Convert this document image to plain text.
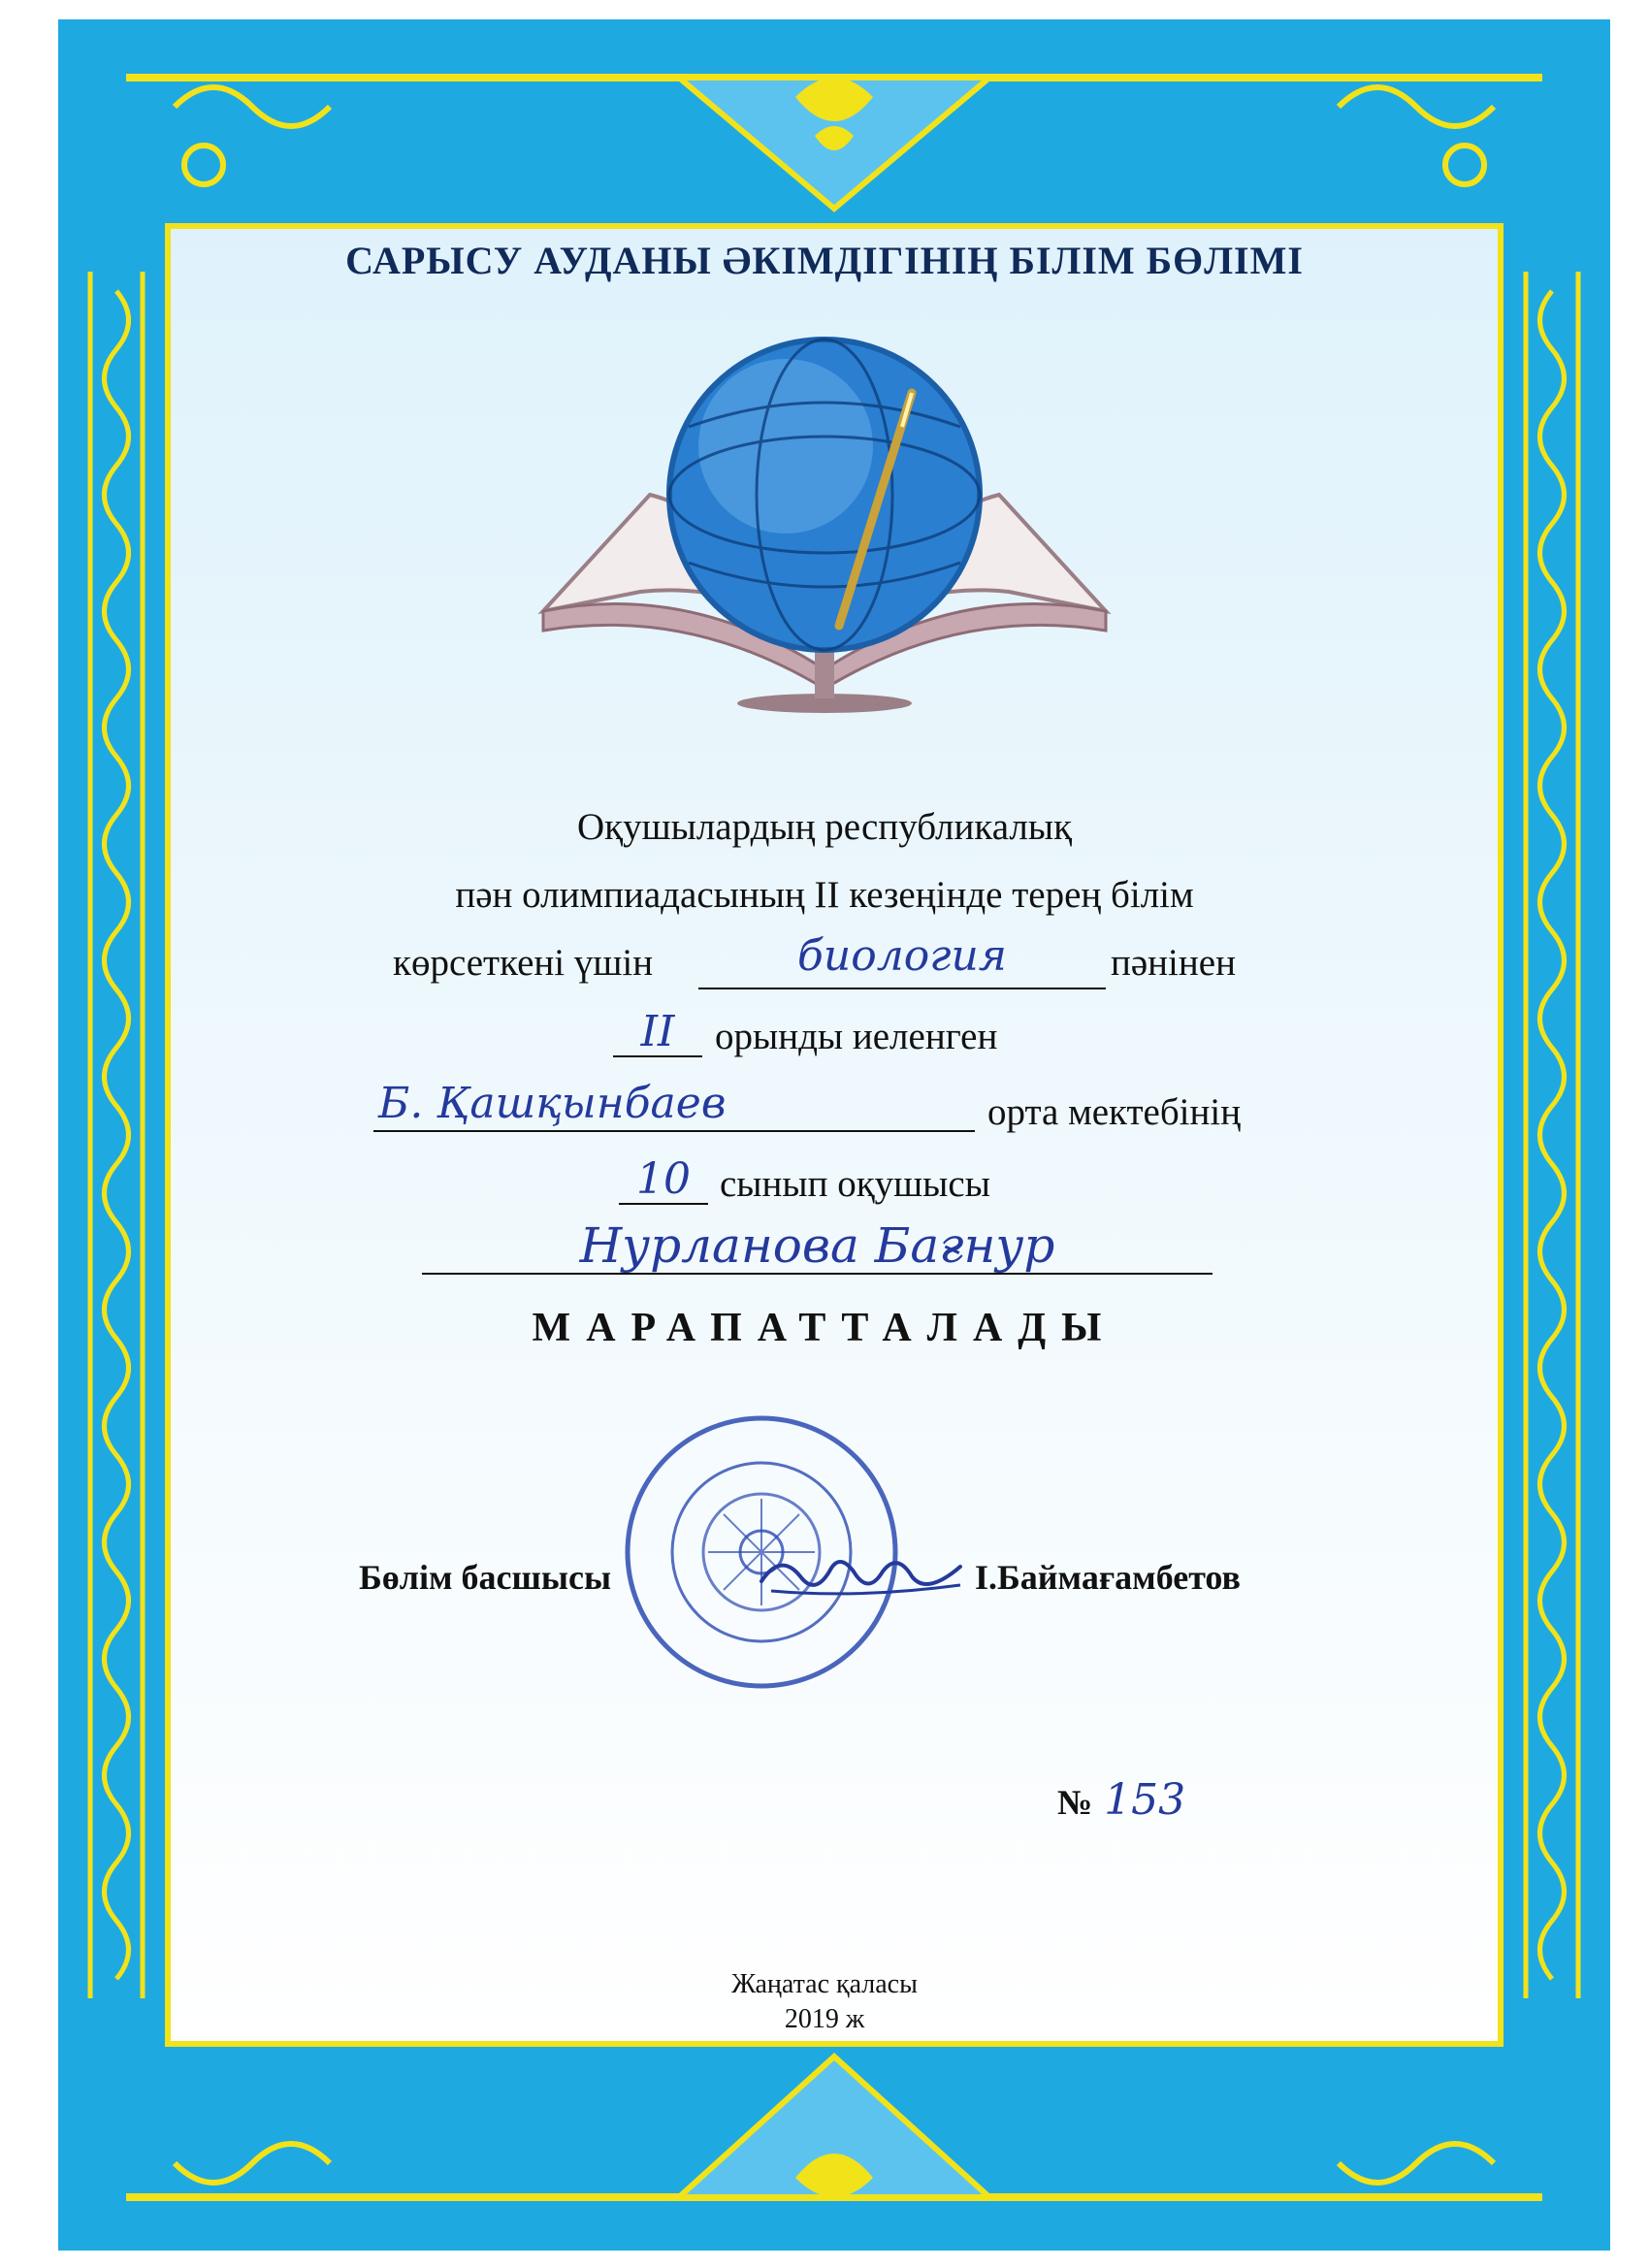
САРЫСУ АУДАНЫ ӘКІМДІГІНІҢ БІЛІМ БӨЛІМІ
Оқушылардың республикалық
пән олимпиадасының ІІ кезеңінде терең білім
көрсеткені үшін	биология	пәнінен
II	орынды иеленген
Б. Қашқынбаев	орта мектебінің
10 сынып оқушысы
Нурланова Бағнур
МАРАПАТТАЛАДЫ
Бөлім басшысы	І.Баймағамбетов
№ 153
Жаңатас қаласы
2019 ж
